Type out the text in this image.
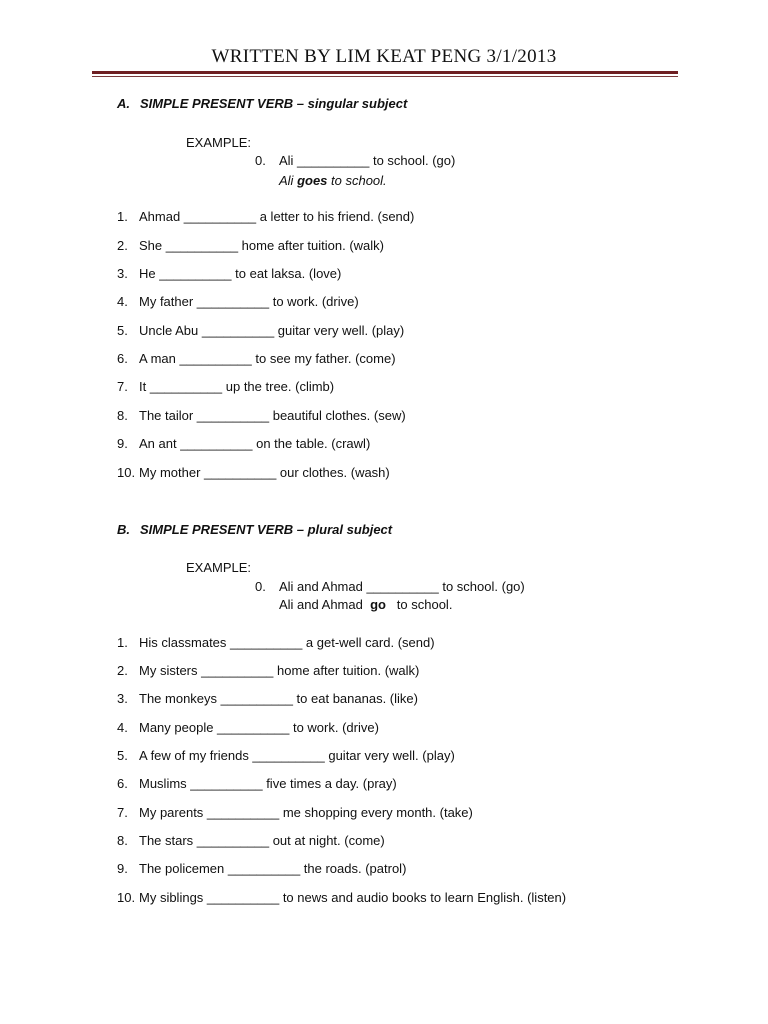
WRITTEN BY LIM KEAT PENG 3/1/2013
A. SIMPLE PRESENT VERB – singular subject
EXAMPLE:
0. Ali __________ to school. (go)
Ali goes to school.
1. Ahmad __________ a letter to his friend. (send)
2. She __________ home after tuition. (walk)
3. He __________ to eat laksa. (love)
4. My father __________ to work. (drive)
5. Uncle Abu __________ guitar very well. (play)
6. A man __________ to see my father. (come)
7. It __________ up the tree. (climb)
8. The tailor __________ beautiful clothes. (sew)
9. An ant __________ on the table. (crawl)
10. My mother __________ our clothes. (wash)
B. SIMPLE PRESENT VERB – plural subject
EXAMPLE:
0. Ali and Ahmad __________ to school. (go)
Ali and Ahmad  go   to school.
1. His classmates __________ a get-well card. (send)
2. My sisters __________ home after tuition. (walk)
3. The monkeys __________ to eat bananas. (like)
4. Many people __________ to work. (drive)
5. A few of my friends __________ guitar very well. (play)
6. Muslims __________ five times a day. (pray)
7. My parents __________ me shopping every month. (take)
8. The stars __________ out at night. (come)
9. The policemen __________ the roads. (patrol)
10. My siblings __________ to news and audio books to learn English. (listen)
